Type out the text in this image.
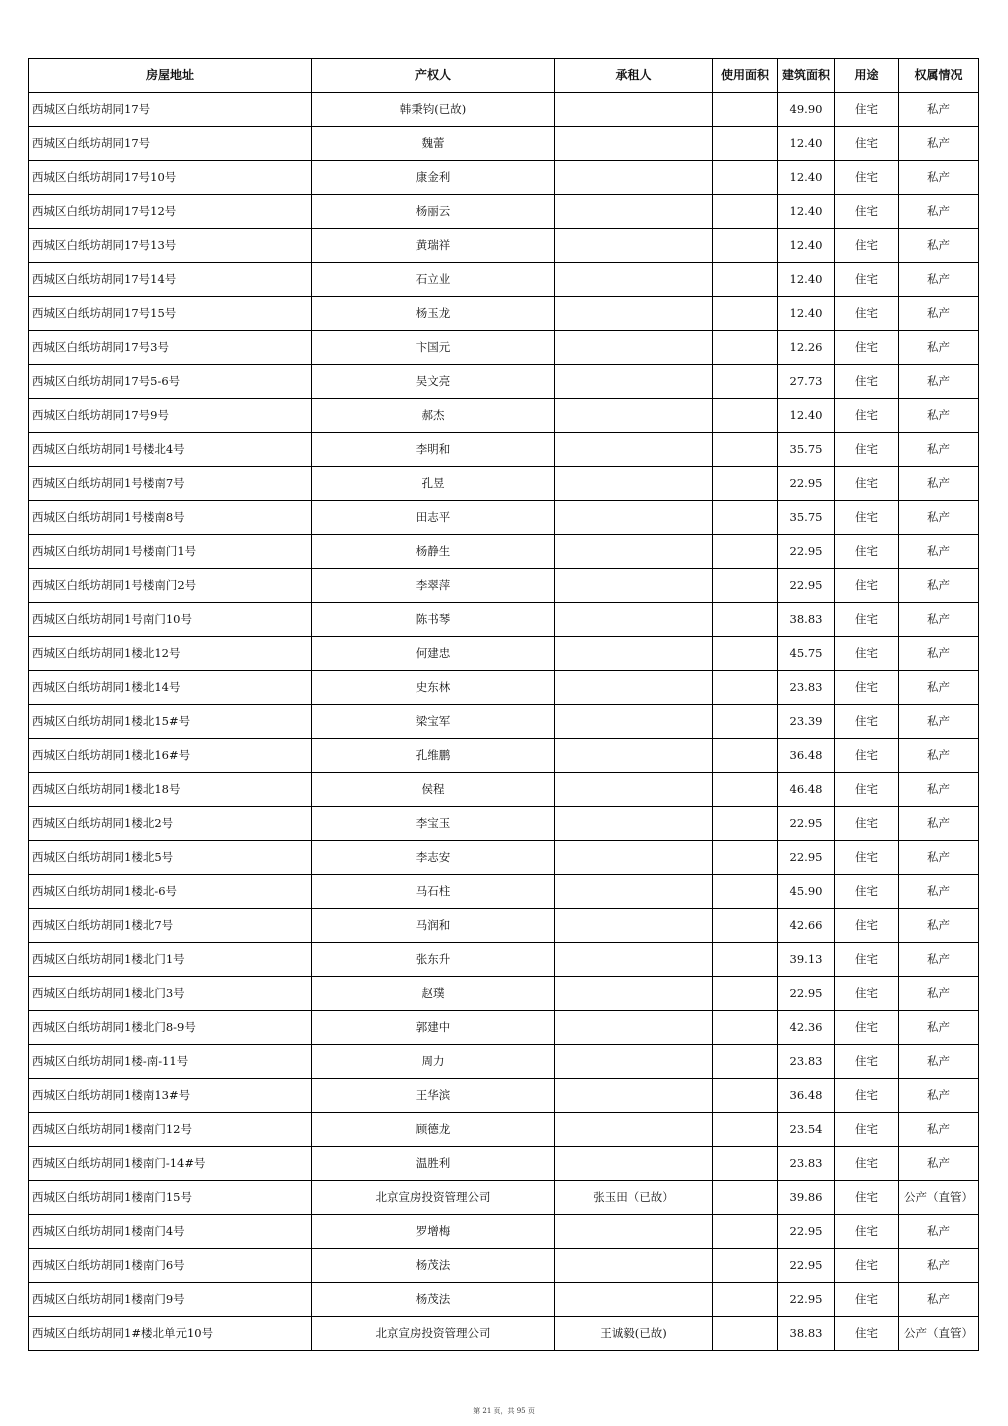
房屋地址	产权人	承租人	使用面积	建筑面积	用途	权属情况
西城区白纸坊胡同17号	韩秉钧(已故)			49.90	住宅	私产
西城区白纸坊胡同17号	魏蕾			12.40	住宅	私产
西城区白纸坊胡同17号10号	康金利			12.40	住宅	私产
西城区白纸坊胡同17号12号	杨丽云			12.40	住宅	私产
西城区白纸坊胡同17号13号	黄瑞祥			12.40	住宅	私产
西城区白纸坊胡同17号14号	石立业			12.40	住宅	私产
西城区白纸坊胡同17号15号	杨玉龙			12.40	住宅	私产
西城区白纸坊胡同17号3号	卞国元			12.26	住宅	私产
西城区白纸坊胡同17号5-6号	吴文亮			27.73	住宅	私产
西城区白纸坊胡同17号9号	郝杰			12.40	住宅	私产
西城区白纸坊胡同1号楼北4号	李明和			35.75	住宅	私产
西城区白纸坊胡同1号楼南7号	孔昱			22.95	住宅	私产
西城区白纸坊胡同1号楼南8号	田志平			35.75	住宅	私产
西城区白纸坊胡同1号楼南门1号	杨静生			22.95	住宅	私产
西城区白纸坊胡同1号楼南门2号	李翠萍			22.95	住宅	私产
西城区白纸坊胡同1号南门10号	陈书琴			38.83	住宅	私产
西城区白纸坊胡同1楼北12号	何建忠			45.75	住宅	私产
西城区白纸坊胡同1楼北14号	史东林			23.83	住宅	私产
西城区白纸坊胡同1楼北15#号	梁宝军			23.39	住宅	私产
西城区白纸坊胡同1楼北16#号	孔维鹏			36.48	住宅	私产
西城区白纸坊胡同1楼北18号	侯程			46.48	住宅	私产
西城区白纸坊胡同1楼北2号	李宝玉			22.95	住宅	私产
西城区白纸坊胡同1楼北5号	李志安			22.95	住宅	私产
西城区白纸坊胡同1楼北-6号	马石柱			45.90	住宅	私产
西城区白纸坊胡同1楼北7号	马润和			42.66	住宅	私产
西城区白纸坊胡同1楼北门1号	张东升			39.13	住宅	私产
西城区白纸坊胡同1楼北门3号	赵璞			22.95	住宅	私产
西城区白纸坊胡同1楼北门8-9号	郭建中			42.36	住宅	私产
西城区白纸坊胡同1楼-南-11号	周力			23.83	住宅	私产
西城区白纸坊胡同1楼南13#号	王华滨			36.48	住宅	私产
西城区白纸坊胡同1楼南门12号	顾德龙			23.54	住宅	私产
西城区白纸坊胡同1楼南门-14#号	温胜利			23.83	住宅	私产
西城区白纸坊胡同1楼南门15号	北京宣房投资管理公司	张玉田（已故）		39.86	住宅	公产（直管）
西城区白纸坊胡同1楼南门4号	罗增梅			22.95	住宅	私产
西城区白纸坊胡同1楼南门6号	杨茂法			22.95	住宅	私产
西城区白纸坊胡同1楼南门9号	杨茂法			22.95	住宅	私产
西城区白纸坊胡同1#楼北单元10号	北京宣房投资管理公司	王诚毅(已故)		38.83	住宅	公产（直管）
第 21 页，共 95 页
